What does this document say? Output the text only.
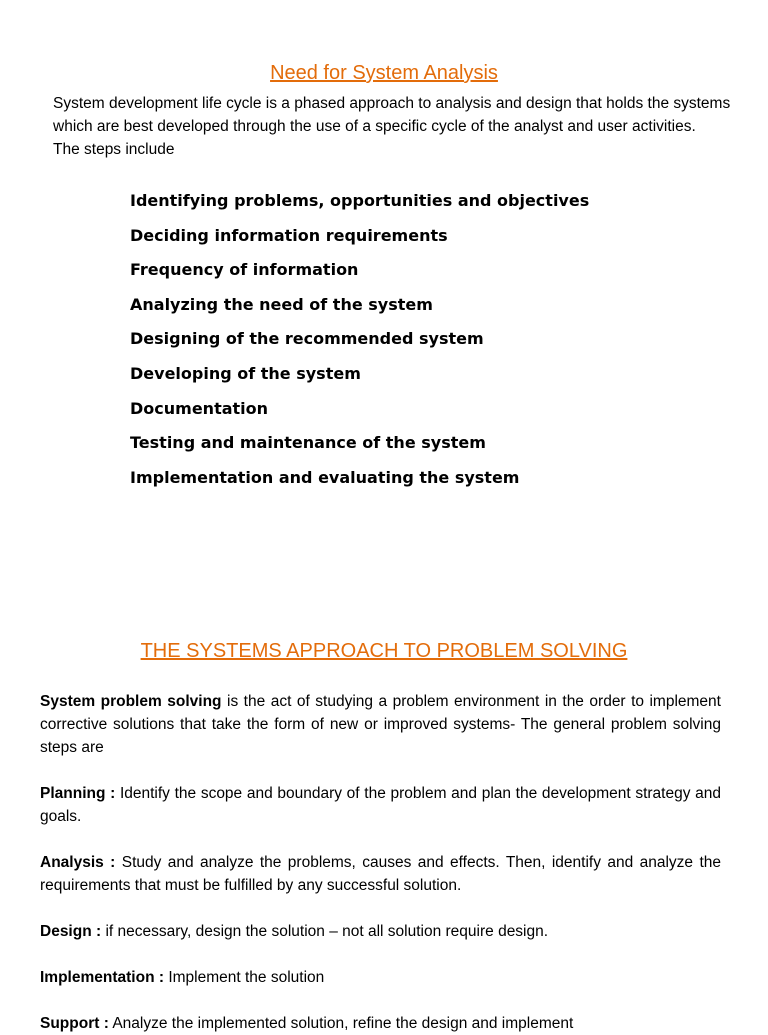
Need for System Analysis

System development life cycle is a phased approach to analysis and design that holds the systems which are best developed through the use of a specific cycle of the analyst and user activities.

The steps include

Identifying problems, opportunities and objectives
Deciding information requirements
Frequency of information
Analyzing the need of the system
Designing of the recommended system
Developing of the system
Documentation
Testing and maintenance of the system
Implementation and evaluating the system
THE SYSTEMS APPROACH TO PROBLEM SOLVING

System problem solving is the act of studying a problem environment in the order to implement corrective solutions that take the form of new or improved systems- The general problem solving steps are

Planning : Identify the scope and boundary of the problem and plan the development strategy and goals.

Analysis : Study and analyze the problems, causes and effects. Then, identify and analyze the requirements that must be fulfilled by any successful solution.

Design : if necessary, design the solution – not all solution require design.

Implementation : Implement the solution

Support : Analyze the implemented solution, refine the design and implement
